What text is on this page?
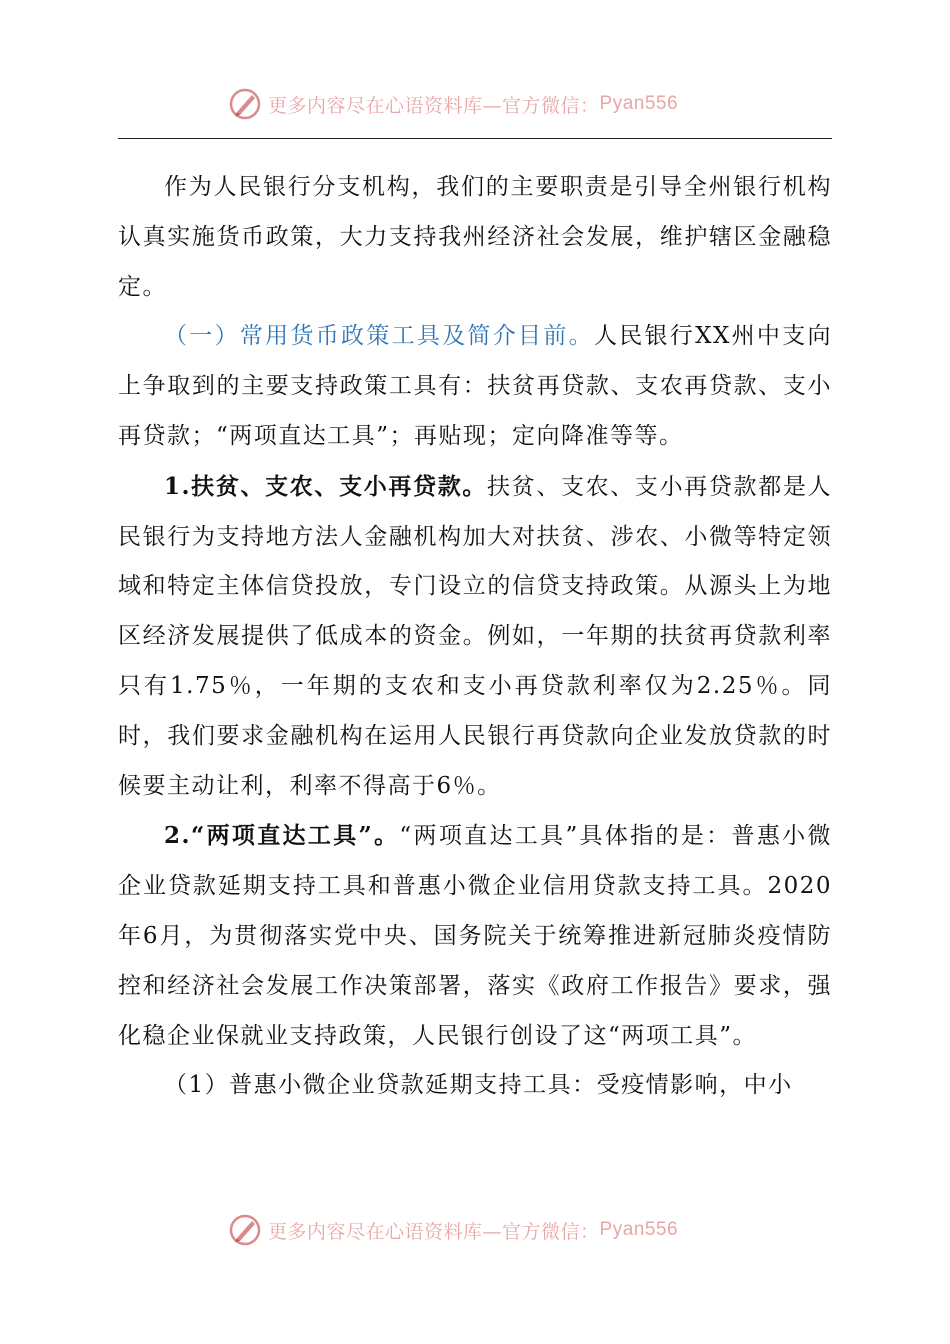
更多内容尽在心语资料库—官方微信： Pyan556

作为人民银行分支机构，我们的主要职责是引导全州银行机构认真实施货币政策，大力支持我州经济社会发展，维护辖区金融稳定。

（一）常用货币政策工具及简介目前。人民银行XX州中支向上争取到的主要支持政策工具有：扶贫再贷款、支农再贷款、支小再贷款；“两项直达工具”；再贴现；定向降准等等。

1.扶贫、支农、支小再贷款。扶贫、支农、支小再贷款都是人民银行为支持地方法人金融机构加大对扶贫、涉农、小微等特定领域和特定主体信贷投放，专门设立的信贷支持政策。从源头上为地区经济发展提供了低成本的资金。例如，一年期的扶贫再贷款利率只有1.75％，一年期的支农和支小再贷款利率仅为2.25％。同时，我们要求金融机构在运用人民银行再贷款向企业发放贷款的时候要主动让利，利率不得高于6％。

2.“两项直达工具”。“两项直达工具”具体指的是：普惠小微企业贷款延期支持工具和普惠小微企业信用贷款支持工具。2020年6月，为贯彻落实党中央、国务院关于统筹推进新冠肺炎疫情防控和经济社会发展工作决策部署，落实《政府工作报告》要求，强化稳企业保就业支持政策，人民银行创设了这“两项工具”。

（1）普惠小微企业贷款延期支持工具：受疫情影响，中小

更多内容尽在心语资料库—官方微信： Pyan556
